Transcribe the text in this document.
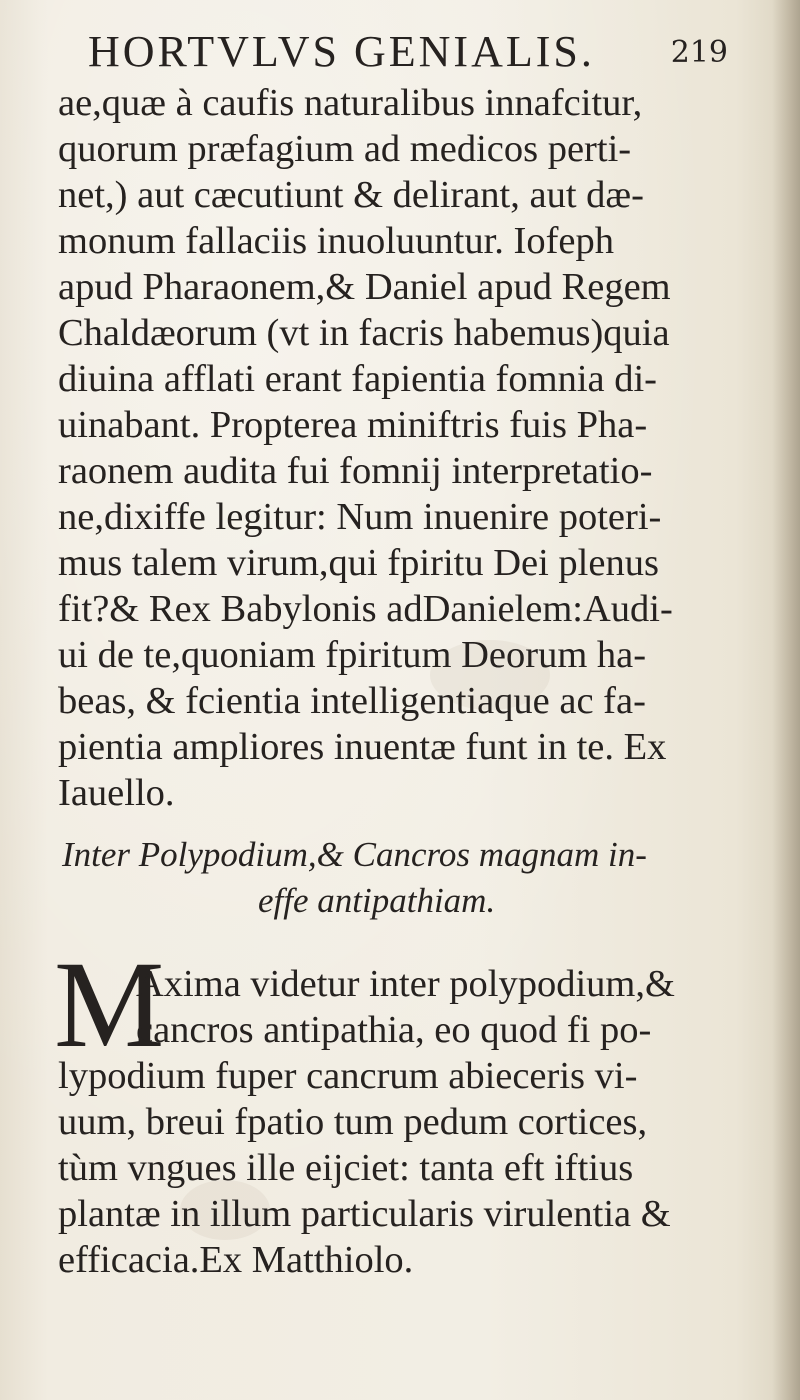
HORTVLVS GENIALIS.	219
ae,quæ à caufis naturalibus innafcitur,
quorum præfagium ad medicos perti-
net,) aut cæcutiunt & delirant, aut dæ-
monum fallaciis inuoluuntur. Iofeph
apud Pharaonem,& Daniel apud Regem
Chaldæorum (vt in facris habemus)quia
diuina afflati erant fapientia fomnia di-
uinabant. Propterea miniftris fuis Pha-
raonem audita fui fomnij interpretatio-
ne,dixiffe legitur: Num inuenire poteri-
mus talem virum,qui fpiritu Dei plenus
fit?& Rex Babylonis adDanielem:Audi-
ui de te,quoniam fpiritum Deorum ha-
beas, & fcientia intelligentiaque ac fa-
pientia ampliores inuentæ funt in te. Ex
Iauello.
Inter Polypodium,& Cancros magnam in-
effe antipathiam.
M
Axima videtur inter polypodium,&
cancros antipathia, eo quod fi po-
lypodium fuper cancrum abieceris vi-
uum, breui fpatio tum pedum cortices,
tùm vngues ille eijciet: tanta eft iftius
plantæ in illum particularis virulentia &
efficacia.Ex Matthiolo.
